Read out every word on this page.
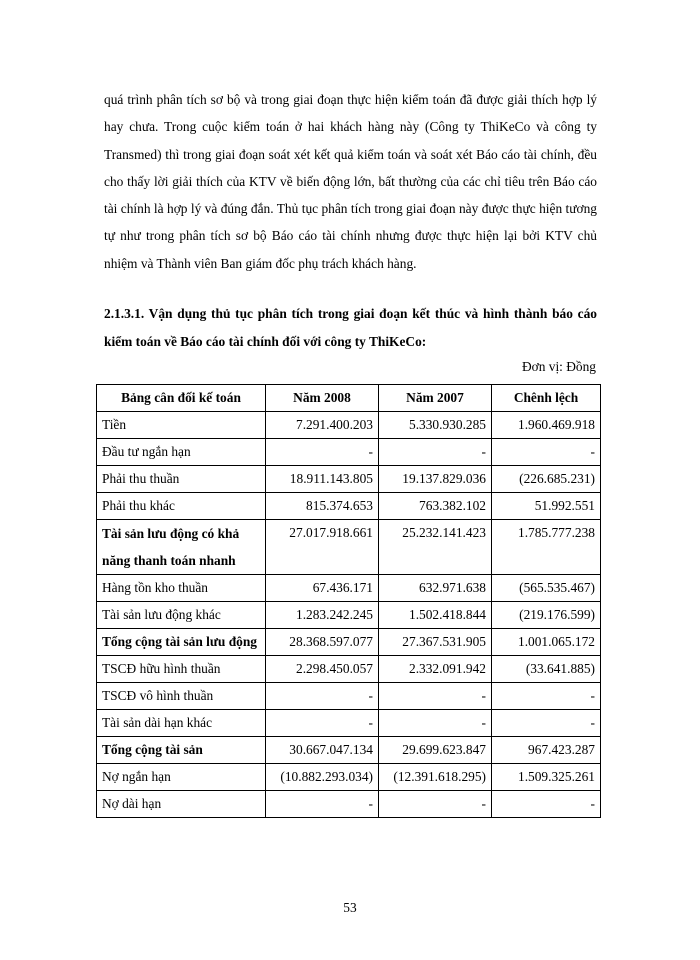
quá trình phân tích sơ bộ và trong giai đoạn thực hiện kiểm toán đã được giải thích hợp lý hay chưa. Trong cuộc kiểm toán ở hai khách hàng này (Công ty ThiKeCo và công ty Transmed) thì trong giai đoạn soát xét kết quả kiểm toán và soát xét Báo cáo tài chính, đều cho thấy lời giải thích của KTV về biến động lớn, bất thường của các chỉ tiêu trên Báo cáo tài chính là hợp lý và đúng đắn. Thủ tục phân tích trong giai đoạn này được thực hiện tương tự như trong phân tích sơ bộ Báo cáo tài chính nhưng được thực hiện lại bởi KTV chủ nhiệm và Thành viên Ban giám đốc phụ trách khách hàng.

2.1.3.1. Vận dụng thủ tục phân tích trong giai đoạn kết thúc và hình thành báo cáo kiểm toán về Báo cáo tài chính đối với công ty ThiKeCo:

Đơn vị: Đồng
Bảng cân đối kế toán	Năm 2008	Năm 2007	Chênh lệch
Tiền	7.291.400.203	5.330.930.285	1.960.469.918
Đầu tư ngắn hạn	-	-	-
Phải thu thuần	18.911.143.805	19.137.829.036	(226.685.231)
Phải thu khác	815.374.653	763.382.102	51.992.551
Tài sản lưu động có khả năng thanh toán nhanh	27.017.918.661	25.232.141.423	1.785.777.238
Hàng tồn kho thuần	67.436.171	632.971.638	(565.535.467)
Tài sản lưu động khác	1.283.242.245	1.502.418.844	(219.176.599)
Tổng cộng tài sản lưu động	28.368.597.077	27.367.531.905	1.001.065.172
TSCĐ hữu hình thuần	2.298.450.057	2.332.091.942	(33.641.885)
TSCĐ vô hình thuần	-	-	-
Tài sản dài hạn khác	-	-	-
Tổng cộng tài sản	30.667.047.134	29.699.623.847	967.423.287
Nợ ngắn hạn	(10.882.293.034)	(12.391.618.295)	1.509.325.261
Nợ dài hạn	-	-	-
53
